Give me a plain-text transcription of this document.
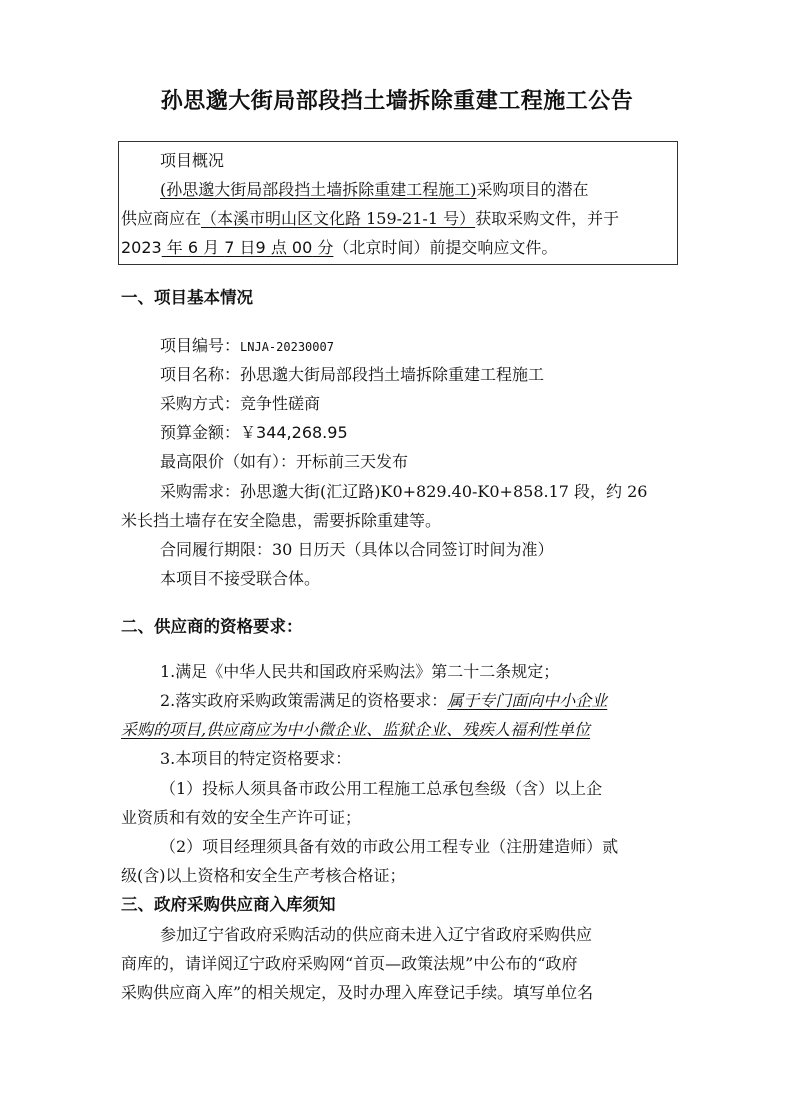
孙思邈大街局部段挡土墙拆除重建工程施工公告
项目概况
(孙思邈大街局部段挡土墙拆除重建工程施工)采购项目的潜在
供应商应在（本溪市明山区文化路 159-21-1 号）获取采购文件，并于
2023 年 6 月 7 日9 点 00 分（北京时间）前提交响应文件。
一、项目基本情况
项目编号：LNJA-20230007
项目名称：孙思邈大街局部段挡土墙拆除重建工程施工
采购方式：竞争性磋商
预算金额：￥344,268.95
最高限价（如有）：开标前三天发布
采购需求：孙思邈大街(汇辽路)K0+829.40-K0+858.17 段，约 26
米长挡土墙存在安全隐患，需要拆除重建等。
合同履行期限：30 日历天（具体以合同签订时间为准）
本项目不接受联合体。
二、供应商的资格要求：
1.满足《中华人民共和国政府采购法》第二十二条规定；
2.落实政府采购政策需满足的资格要求：属于专门面向中小企业
采购的项目,供应商应为中小微企业、监狱企业、残疾人福利性单位
3.本项目的特定资格要求：
（1）投标人须具备市政公用工程施工总承包叁级（含）以上企
业资质和有效的安全生产许可证；
（2）项目经理须具备有效的市政公用工程专业（注册建造师）贰
级(含)以上资格和安全生产考核合格证；
三、政府采购供应商入库须知
参加辽宁省政府采购活动的供应商未进入辽宁省政府采购供应
商库的，请详阅辽宁政府采购网“首页—政策法规”中公布的“政府
采购供应商入库”的相关规定，及时办理入库登记手续。填写单位名
